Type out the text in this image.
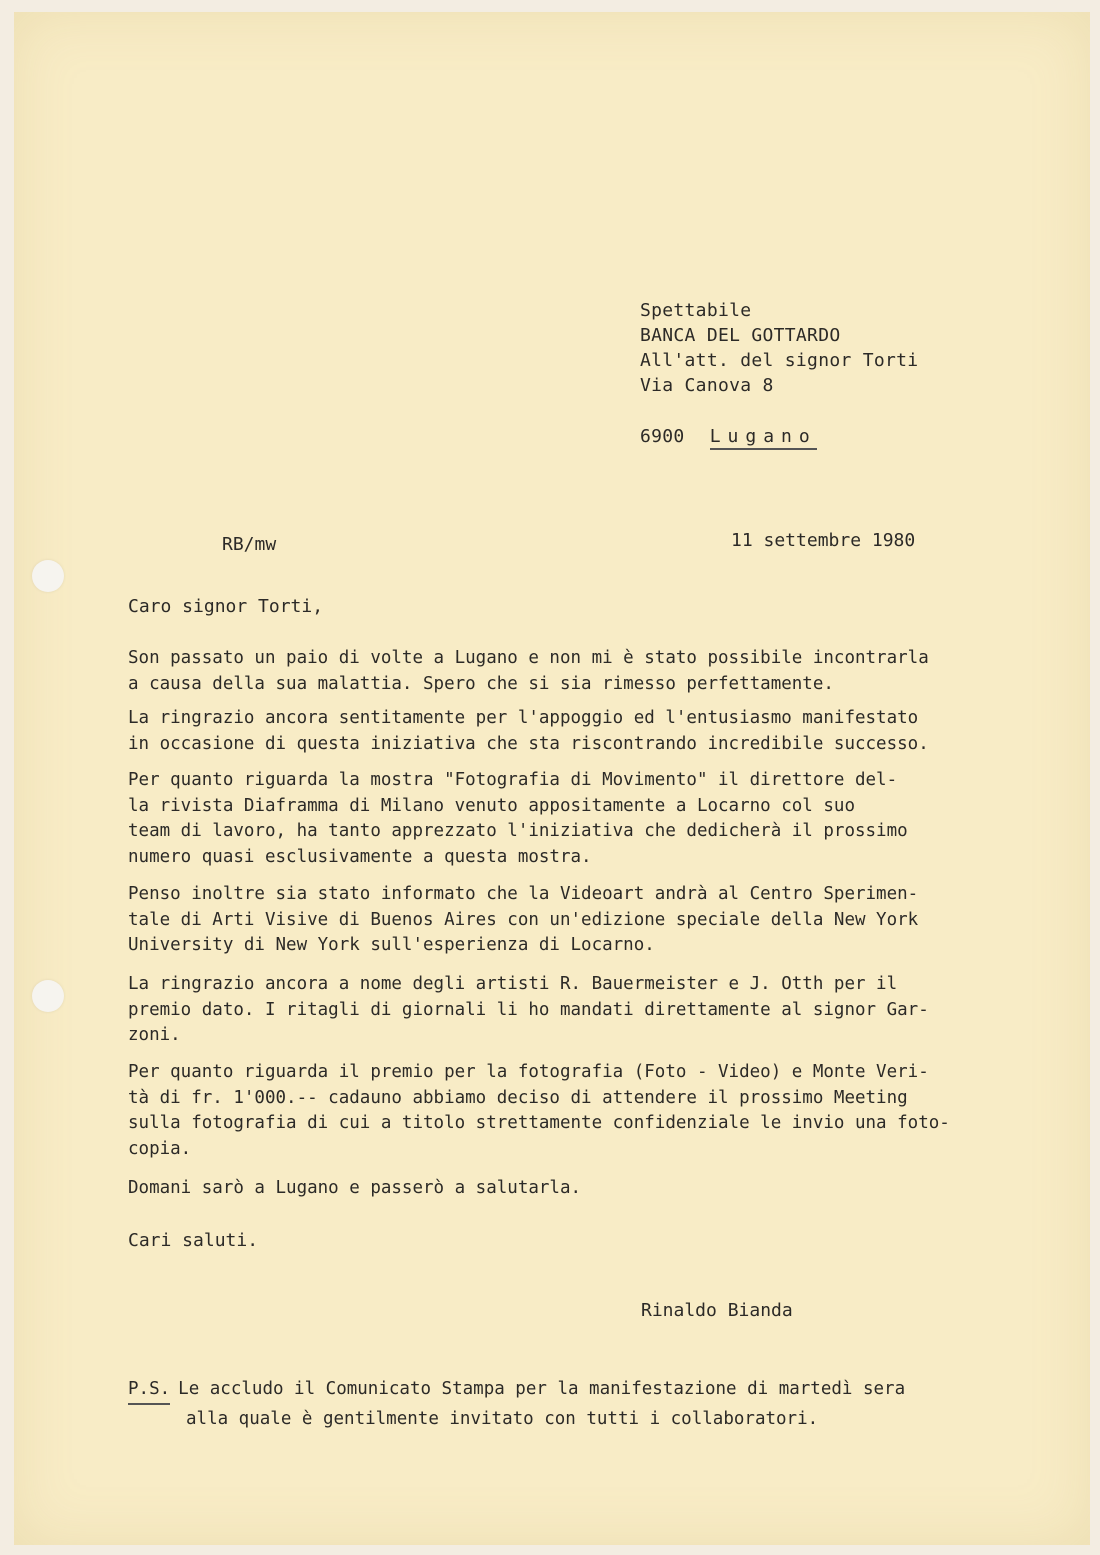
Spettabile
BANCA DEL GOTTARDO
All'att. del signor Torti
Via Canova 8
6900 Lugano
RB/mw	11 settembre 1980
Caro signor Torti,
Son passato un paio di volte a Lugano e non mi è stato possibile incontrarla
a causa della sua malattia. Spero che si sia rimesso perfettamente.
La ringrazio ancora sentitamente per l'appoggio ed l'entusiasmo manifestato
in occasione di questa iniziativa che sta riscontrando incredibile successo.
Per quanto riguarda la mostra "Fotografia di Movimento" il direttore del-
la rivista Diaframma di Milano venuto appositamente a Locarno col suo
team di lavoro, ha tanto apprezzato l'iniziativa che dedicherà il prossimo
numero quasi esclusivamente a questa mostra.
Penso inoltre sia stato informato che la Videoart andrà al Centro Sperimen-
tale di Arti Visive di Buenos Aires con un'edizione speciale della New York
University di New York sull'esperienza di Locarno.
La ringrazio ancora a nome degli artisti R. Bauermeister e J. Otth per il
premio dato. I ritagli di giornali li ho mandati direttamente al signor Gar-
zoni.
Per quanto riguarda il premio per la fotografia (Foto - Video) e Monte Veri-
tà di fr. 1'000.-- cadauno abbiamo deciso di attendere il prossimo Meeting
sulla fotografia di cui a titolo strettamente confidenziale le invio una foto-
copia.
Domani sarò a Lugano e passerò a salutarla.
Cari saluti.
Rinaldo Bianda
P.S. Le accludo il Comunicato Stampa per la manifestazione di martedì sera
alla quale è gentilmente invitato con tutti i collaboratori.
